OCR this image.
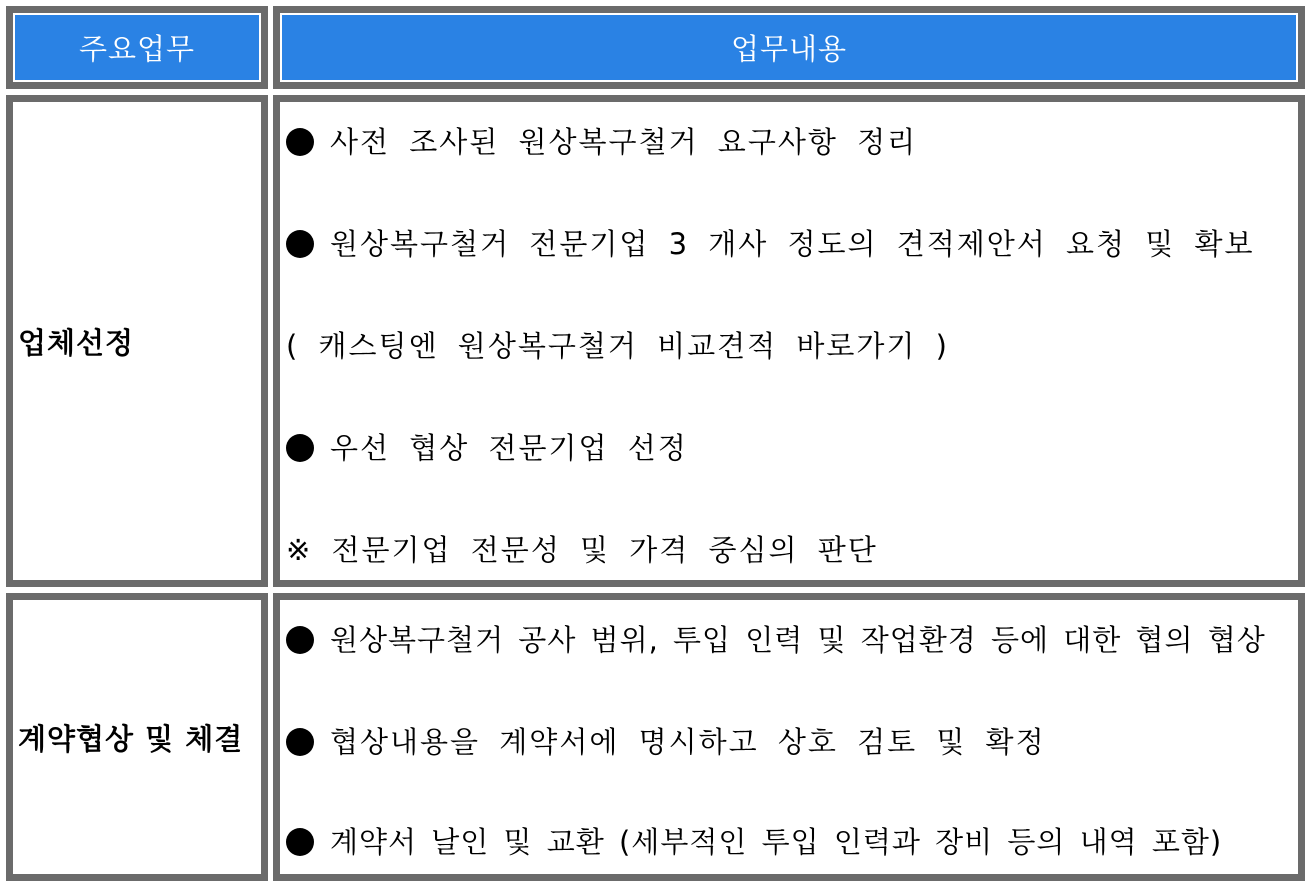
주요업무	업무내용
업체선정
사전 조사된 원상복구철거 요구사항 정리
원상복구철거 전문기업 3 개사 정도의 견적제안서 요청 및 확보
( 캐스팅엔 원상복구철거 비교견적 바로가기 )
우선 협상 전문기업 선정
※ 전문기업 전문성 및 가격 중심의 판단
계약협상 및 체결
원상복구철거 공사 범위, 투입 인력 및 작업환경 등에 대한 협의 협상
협상내용을 계약서에 명시하고 상호 검토 및 확정
계약서 날인 및 교환 (세부적인 투입 인력과 장비 등의 내역 포함)
